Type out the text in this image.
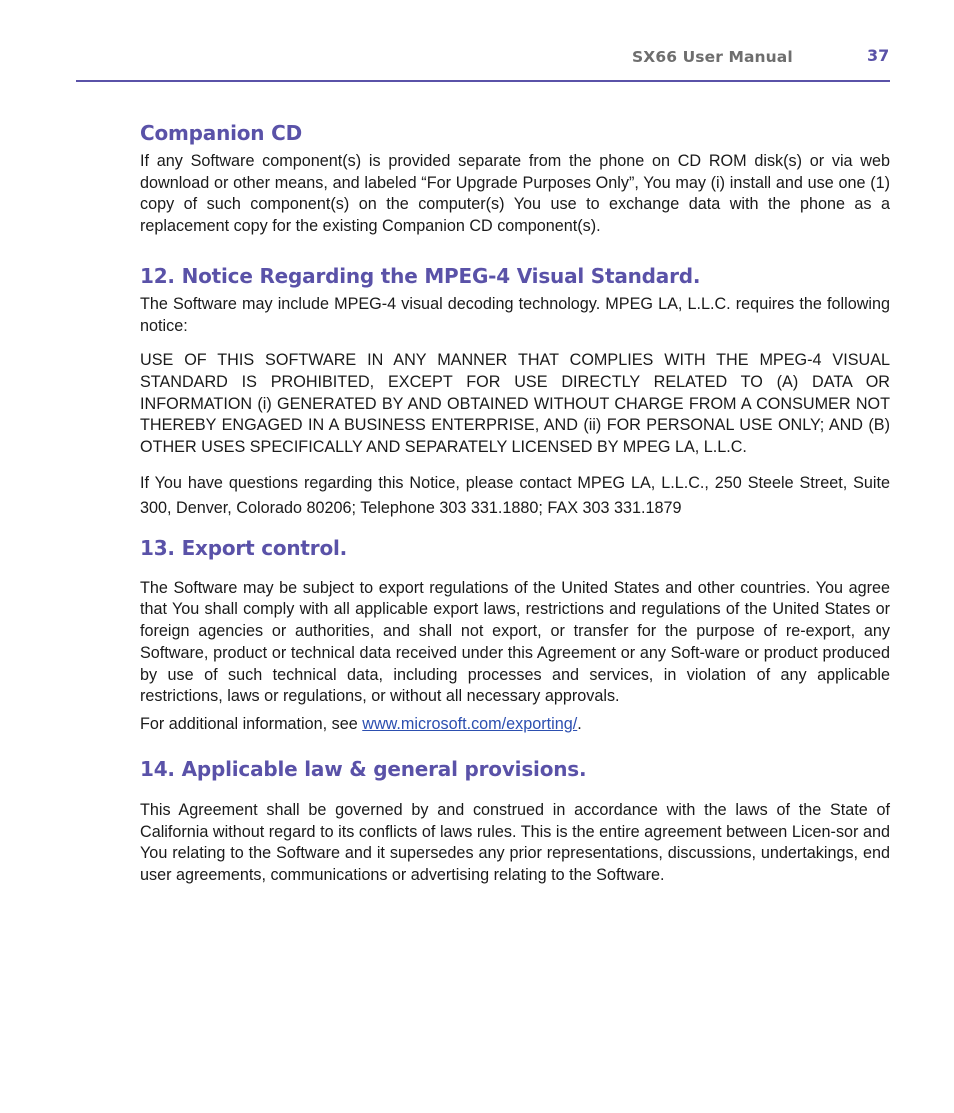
SX66 User Manual	37
Companion CD

If any Software component(s) is provided separate from the phone on CD ROM disk(s) or via web download or other means, and labeled “For Upgrade Purposes Only”, You may (i) install and use one (1) copy of such component(s) on the computer(s) You use to exchange data with the phone as a replacement copy for the existing Companion CD component(s).

12. Notice Regarding the MPEG-4 Visual Standard.

The Software may include MPEG-4 visual decoding technology. MPEG LA, L.L.C. requires the following notice:

USE OF THIS SOFTWARE IN ANY MANNER THAT COMPLIES WITH THE MPEG-4 VISUAL STANDARD IS PROHIBITED, EXCEPT FOR USE DIRECTLY RELATED TO (A) DATA OR INFORMATION (i) GENERATED BY AND OBTAINED WITHOUT CHARGE FROM A CONSUMER NOT THEREBY ENGAGED IN A BUSINESS ENTERPRISE, AND (ii) FOR PERSONAL USE ONLY; AND (B) OTHER USES SPECIFICALLY AND SEPARATELY LICENSED BY MPEG LA, L.L.C.

If You have questions regarding this Notice, please contact MPEG LA, L.L.C., 250 Steele Street, Suite 300, Denver, Colorado 80206; Telephone 303 331.1880; FAX 303 331.1879

13. Export control.

The Software may be subject to export regulations of the United States and other countries. You agree that You shall comply with all applicable export laws, restrictions and regulations of the United States or foreign agencies or authorities, and shall not export, or transfer for the purpose of re-export, any Software, product or technical data received under this Agreement or any Soft-ware or product produced by use of such technical data, including processes and services, in violation of any applicable restrictions, laws or regulations, or without all necessary approvals.

For additional information, see www.microsoft.com/exporting/.

14. Applicable law & general provisions.

This Agreement shall be governed by and construed in accordance with the laws of the State of California without regard to its conflicts of laws rules. This is the entire agreement between Licen-sor and You relating to the Software and it supersedes any prior representations, discussions, undertakings, end user agreements, communications or advertising relating to the Software.
